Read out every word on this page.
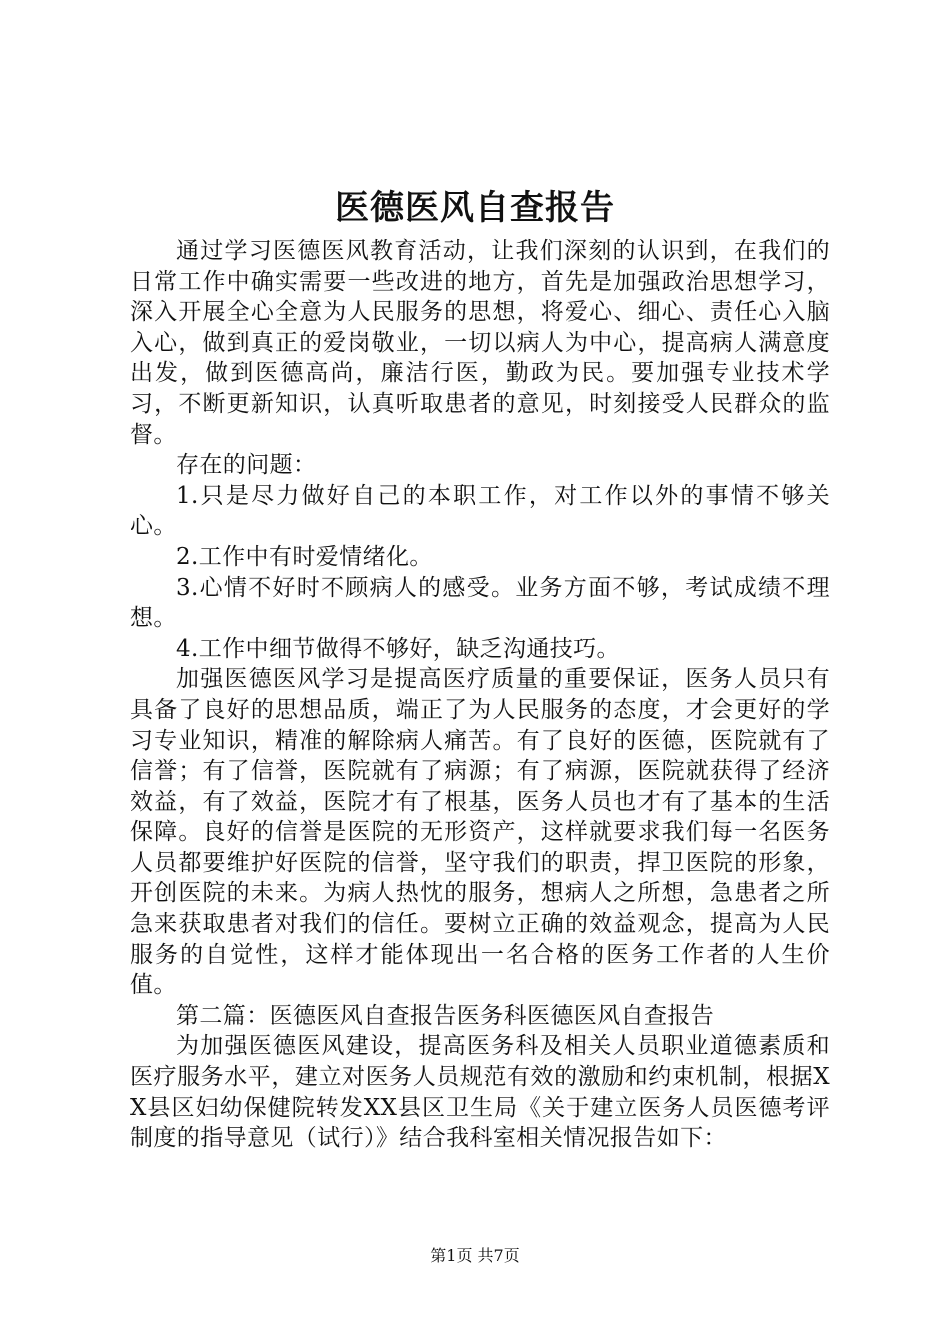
医德医风自查报告

通过学习医德医风教育活动，让我们深刻的认识到，在我们的日常工作中确实需要一些改进的地方，首先是加强政治思想学习，深入开展全心全意为人民服务的思想，将爱心、细心、责任心入脑入心，做到真正的爱岗敬业，一切以病人为中心，提高病人满意度出发，做到医德高尚，廉洁行医，勤政为民。要加强专业技术学习，不断更新知识，认真听取患者的意见，时刻接受人民群众的监督。

存在的问题：

1.只是尽力做好自己的本职工作，对工作以外的事情不够关心。

2.工作中有时爱情绪化。

3.心情不好时不顾病人的感受。业务方面不够，考试成绩不理想。

4.工作中细节做得不够好，缺乏沟通技巧。

加强医德医风学习是提高医疗质量的重要保证，医务人员只有具备了良好的思想品质，端正了为人民服务的态度，才会更好的学习专业知识，精准的解除病人痛苦。有了良好的医德，医院就有了信誉；有了信誉，医院就有了病源；有了病源，医院就获得了经济效益，有了效益，医院才有了根基，医务人员也才有了基本的生活保障。良好的信誉是医院的无形资产，这样就要求我们每一名医务人员都要维护好医院的信誉，坚守我们的职责，捍卫医院的形象，开创医院的未来。为病人热忱的服务，想病人之所想，急患者之所急来获取患者对我们的信任。要树立正确的效益观念，提高为人民服务的自觉性，这样才能体现出一名合格的医务工作者的人生价值。

第二篇：医德医风自查报告医务科医德医风自查报告

为加强医德医风建设，提高医务科及相关人员职业道德素质和医疗服务水平，建立对医务人员规范有效的激励和约束机制，根据XX县区妇幼保健院转发XX县区卫生局《关于建立医务人员医德考评制度的指导意见（试行）》结合我科室相关情况报告如下：

第1页 共7页
